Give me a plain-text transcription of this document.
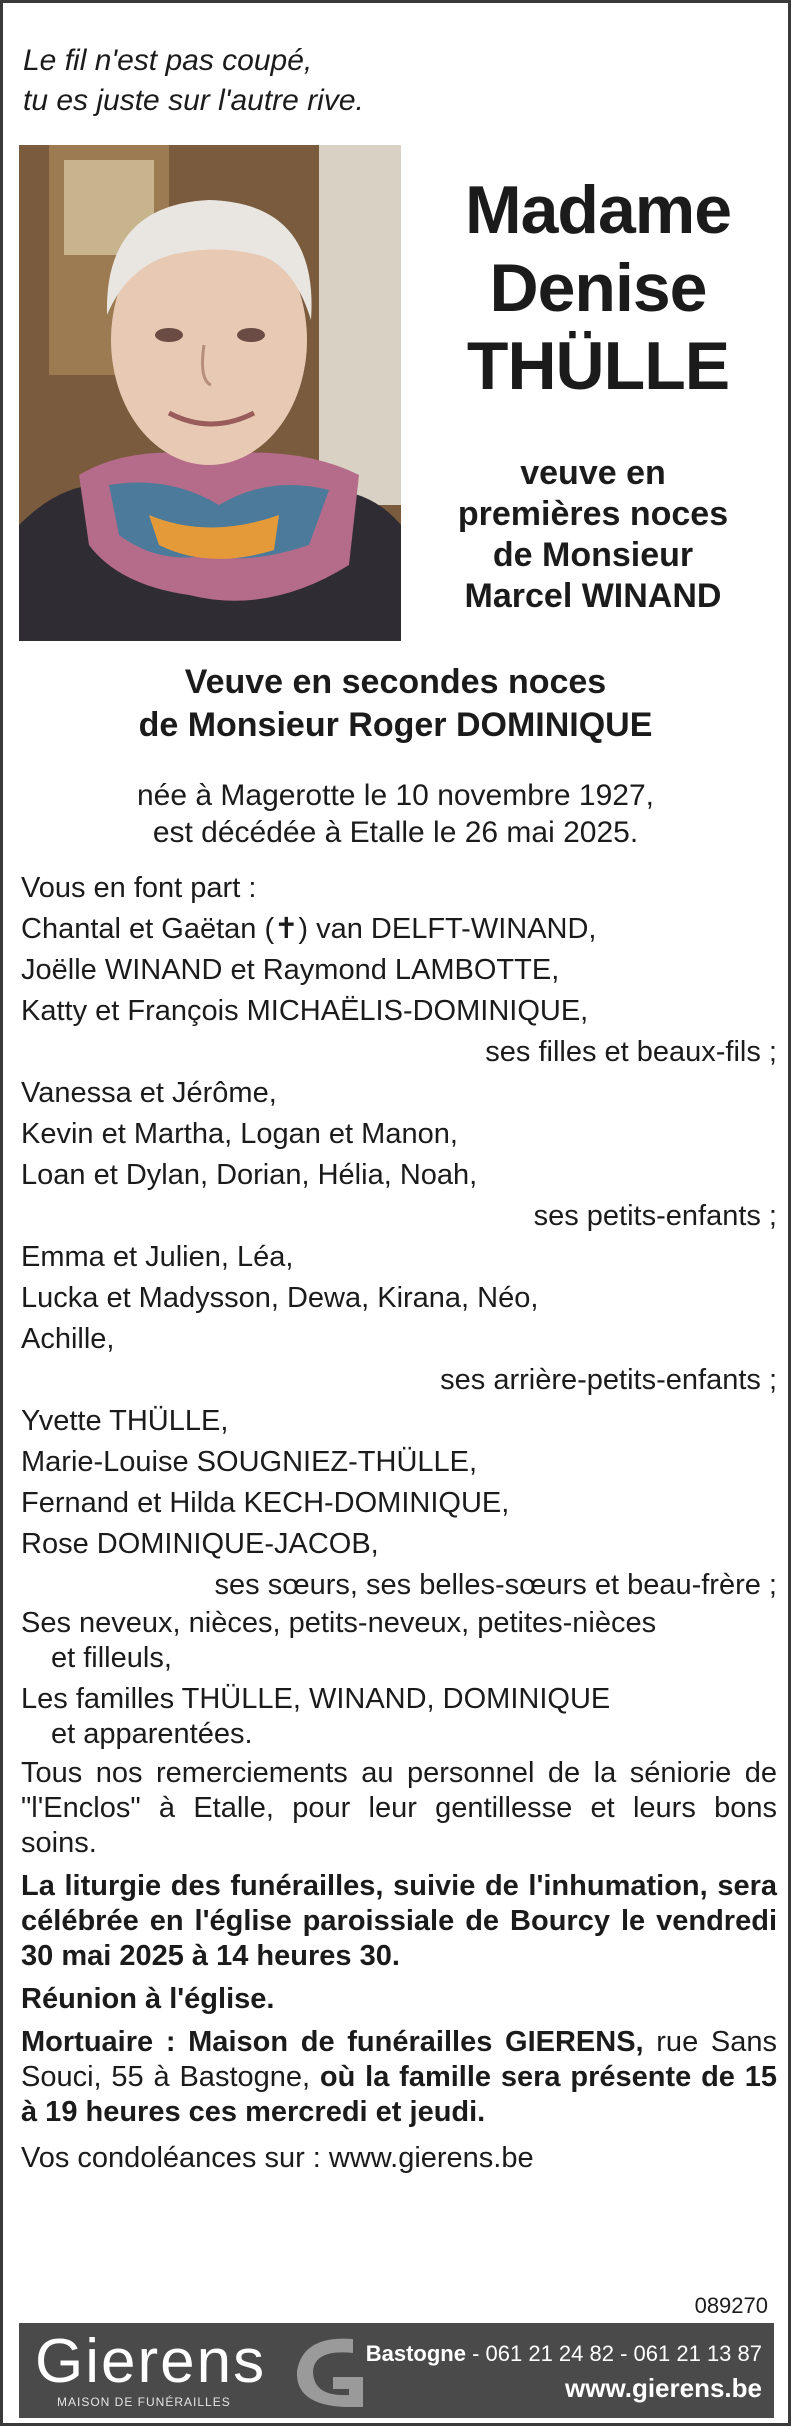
Le fil n'est pas coupé,
tu es juste sur l'autre rive.
Madame
Denise
THÜLLE
veuve en
premières noces
de Monsieur
Marcel WINAND
Veuve en secondes noces
de Monsieur Roger DOMINIQUE
née à Magerotte le 10 novembre 1927,
est décédée à Etalle le 26 mai 2025.
Vous en font part :
Chantal et Gaëtan (✝) van DELFT-WINAND,
Joëlle WINAND et Raymond LAMBOTTE,
Katty et François MICHAËLIS-DOMINIQUE,
ses filles et beaux-fils ;
Vanessa et Jérôme,
Kevin et Martha, Logan et Manon,
Loan et Dylan, Dorian, Hélia, Noah,
ses petits-enfants ;
Emma et Julien, Léa,
Lucka et Madysson, Dewa, Kirana, Néo,
Achille,
ses arrière-petits-enfants ;
Yvette THÜLLE,
Marie-Louise SOUGNIEZ-THÜLLE,
Fernand et Hilda KECH-DOMINIQUE,
Rose DOMINIQUE-JACOB,
ses sœurs, ses belles-sœurs et beau-frère ;
Ses neveux, nièces, petits-neveux, petites-nièces
et filleuls,
Les familles THÜLLE, WINAND, DOMINIQUE
et apparentées.
Tous nos remerciements au personnel de la séniorie de "l'Enclos" à Etalle, pour leur gentillesse et leurs bons soins.
La liturgie des funérailles, suivie de l'inhumation, sera célébrée en l'église paroissiale de Bourcy le vendredi 30 mai 2025 à 14 heures 30.
Réunion à l'église.
Mortuaire : Maison de funérailles GIERENS, rue Sans Souci, 55 à Bastogne, où la famille sera présente de 15 à 19 heures ces mercredi et jeudi.
Vos condoléances sur : www.gierens.be
089270
Gierens
MAISON DE FUNÉRAILLES
Bastogne - 061 21 24 82 - 061 21 13 87
www.gierens.be
